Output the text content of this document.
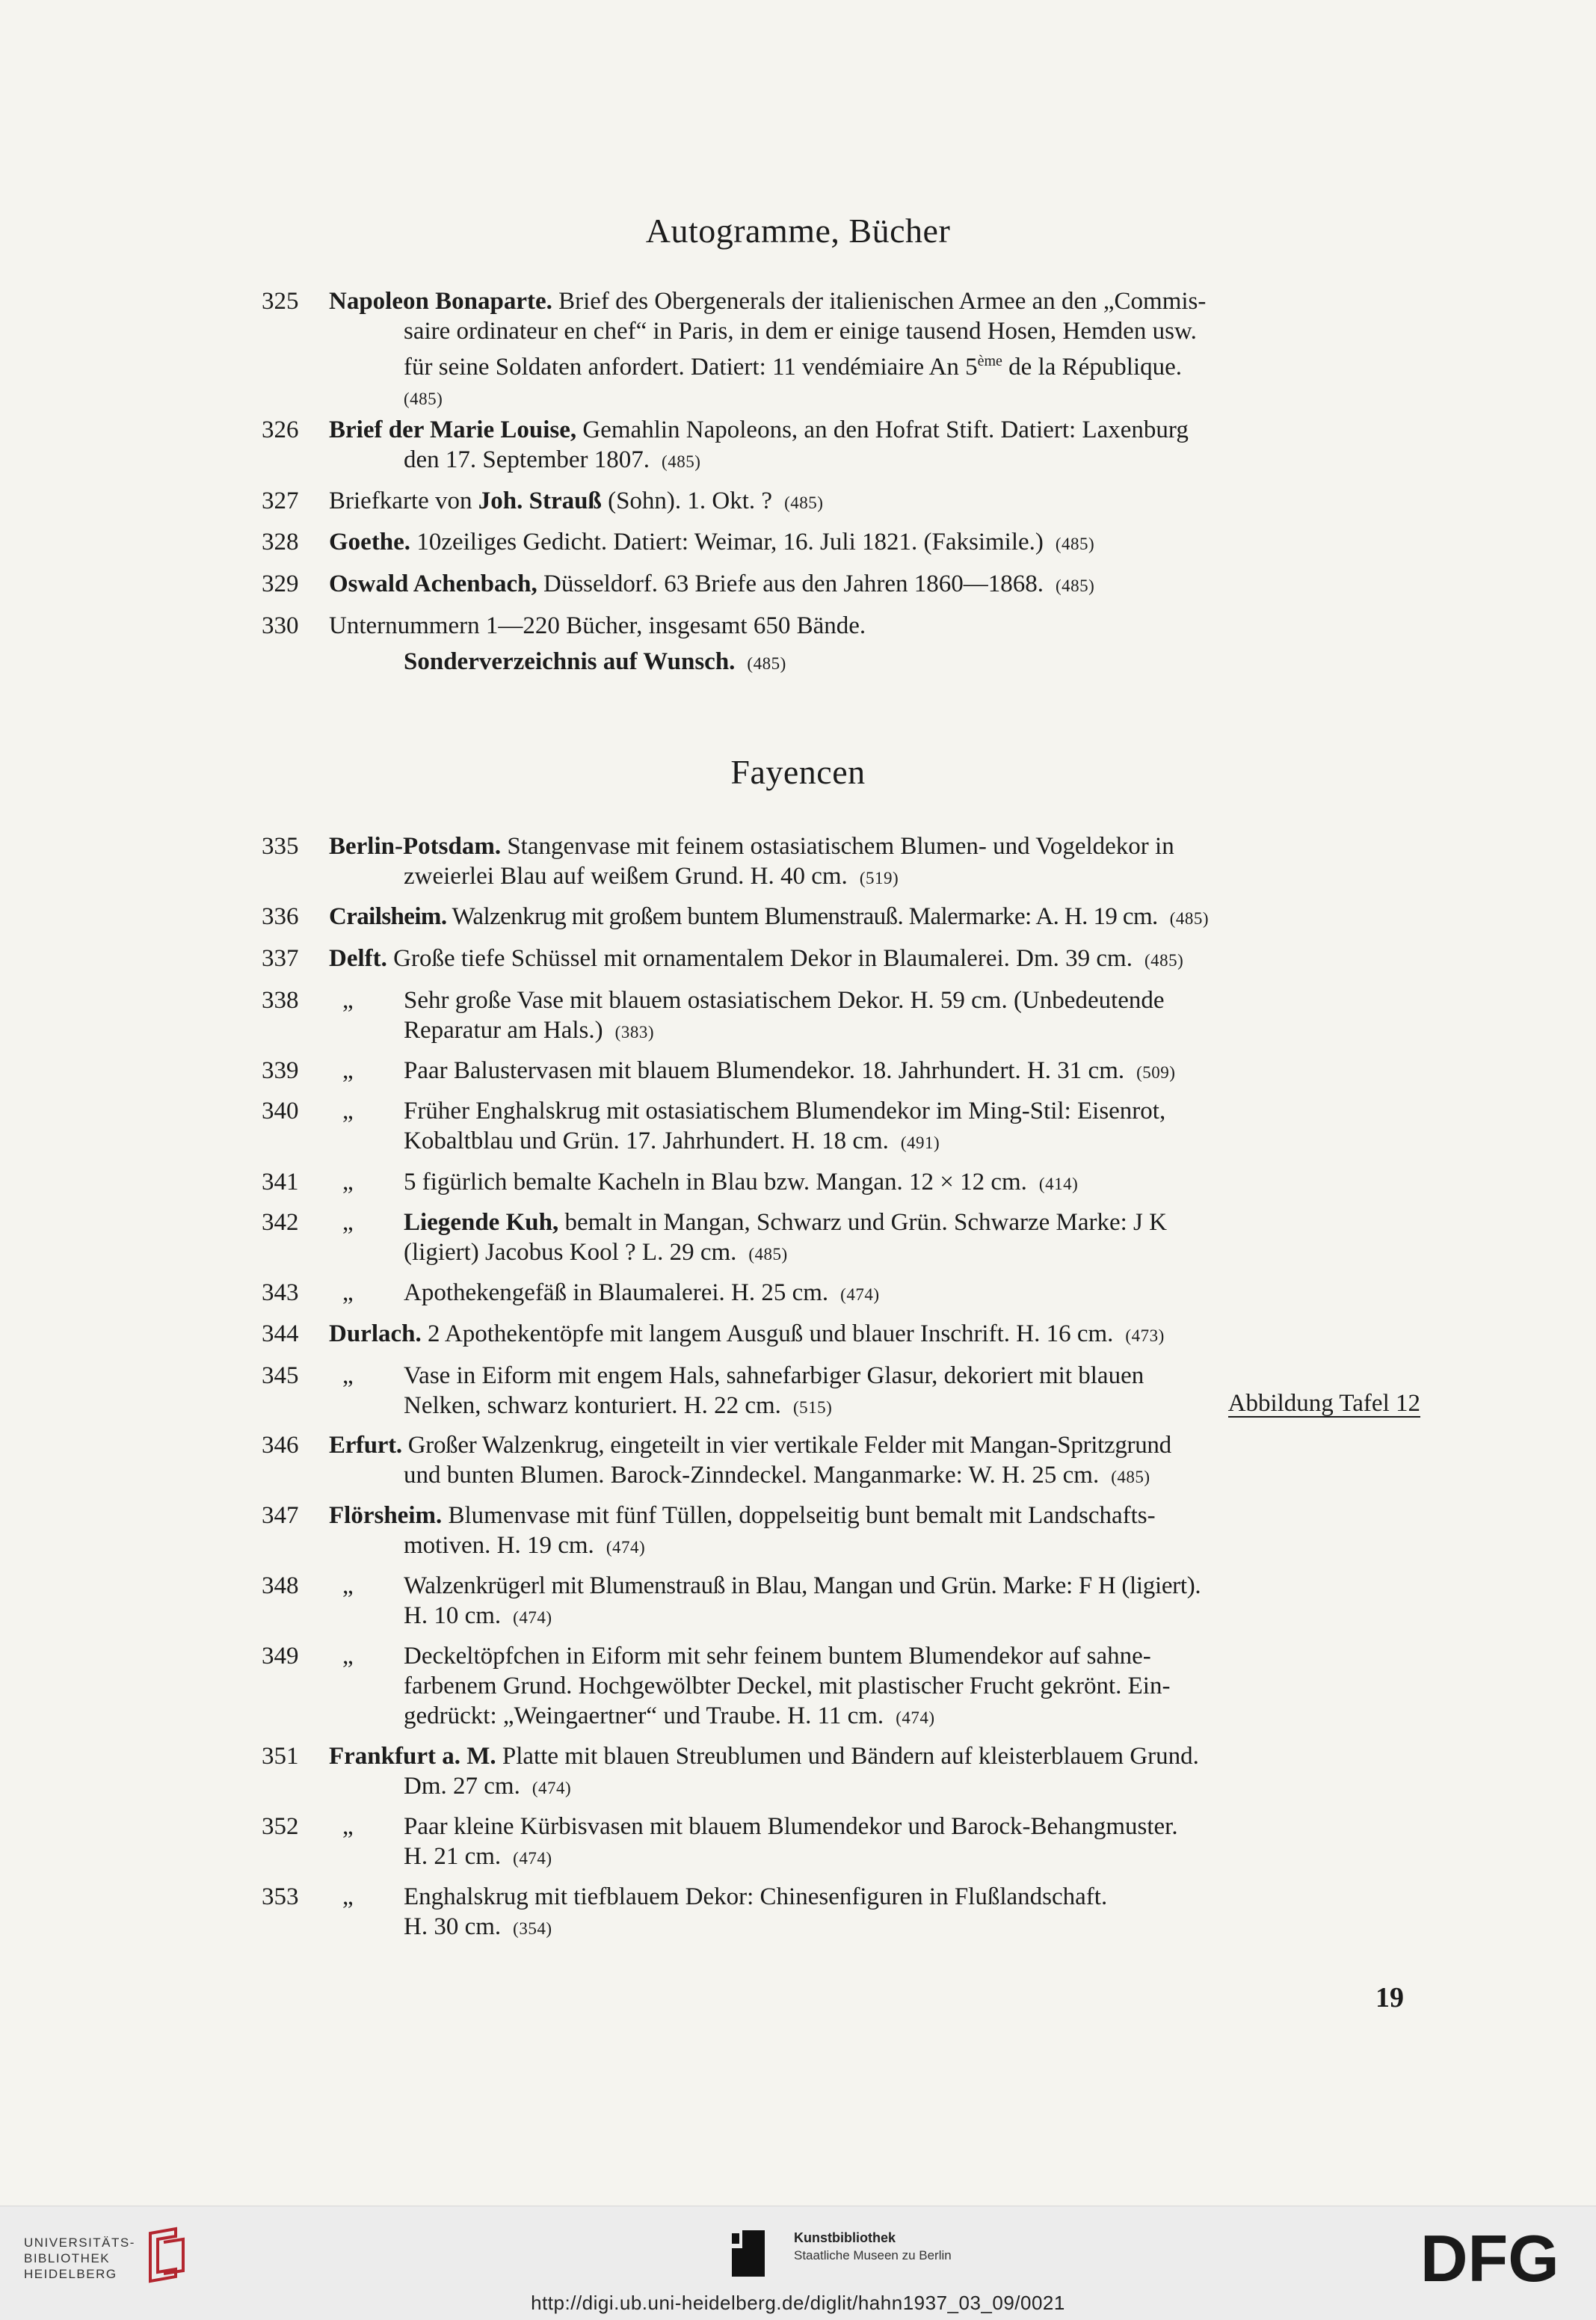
Autogramme, Bücher
325	Napoleon Bonaparte. Brief des Obergenerals der italienischen Armee an den „Commis-
saire ordinateur en chef“ in Paris, in dem er einige tausend Hosen, Hemden usw.
für seine Soldaten anfordert. Datiert: 11 vendémiaire An 5ème de la République.
(485)
326	Brief der Marie Louise, Gemahlin Napoleons, an den Hofrat Stift. Datiert: Laxenburg
den 17. September 1807. (485)
327	Briefkarte von Joh. Strauß (Sohn). 1. Okt. ? (485)
328	Goethe. 10zeiliges Gedicht. Datiert: Weimar, 16. Juli 1821. (Faksimile.) (485)
329	Oswald Achenbach, Düsseldorf. 63 Briefe aus den Jahren 1860—1868. (485)
330	Unternummern 1—220 Bücher, insgesamt 650 Bände.
Sonderverzeichnis auf Wunsch. (485)
Fayencen
335	Berlin-Potsdam. Stangenvase mit feinem ostasiatischem Blumen- und Vogeldekor in
zweierlei Blau auf weißem Grund. H. 40 cm. (519)
336	Crailsheim. Walzenkrug mit großem buntem Blumenstrauß. Malermarke: A. H. 19 cm. (485)
337	Delft. Große tiefe Schüssel mit ornamentalem Dekor in Blaumalerei. Dm. 39 cm. (485)
338	„ Sehr große Vase mit blauem ostasiatischem Dekor. H. 59 cm. (Unbedeutende
Reparatur am Hals.) (383)
339	„ Paar Balustervasen mit blauem Blumendekor. 18. Jahrhundert. H. 31 cm. (509)
340	„ Früher Enghalskrug mit ostasiatischem Blumendekor im Ming-Stil: Eisenrot,
Kobaltblau und Grün. 17. Jahrhundert. H. 18 cm. (491)
341	„ 5 figürlich bemalte Kacheln in Blau bzw. Mangan. 12 × 12 cm. (414)
342	„ Liegende Kuh, bemalt in Mangan, Schwarz und Grün. Schwarze Marke: J K
(ligiert) Jacobus Kool ? L. 29 cm. (485)
343	„ Apothekengefäß in Blaumalerei. H. 25 cm. (474)
344	Durlach. 2 Apothekentöpfe mit langem Ausguß und blauer Inschrift. H. 16 cm. (473)
345	„ Vase in Eiform mit engem Hals, sahnefarbiger Glasur, dekoriert mit blauen
Nelken, schwarz konturiert. H. 22 cm. (515)	Abbildung Tafel 12
346	Erfurt. Großer Walzenkrug, eingeteilt in vier vertikale Felder mit Mangan-Spritzgrund
und bunten Blumen. Barock-Zinndeckel. Manganmarke: W. H. 25 cm. (485)
347	Flörsheim. Blumenvase mit fünf Tüllen, doppelseitig bunt bemalt mit Landschafts-
motiven. H. 19 cm. (474)
348	„ Walzenkrügerl mit Blumenstrauß in Blau, Mangan und Grün. Marke: F H (ligiert).
H. 10 cm. (474)
349	„ Deckeltöpfchen in Eiform mit sehr feinem buntem Blumendekor auf sahne-
farbenem Grund. Hochgewölbter Deckel, mit plastischer Frucht gekrönt. Ein-
gedrückt: „Weingaertner“ und Traube. H. 11 cm. (474)
351	Frankfurt a. M. Platte mit blauen Streublumen und Bändern auf kleisterblauem Grund.
Dm. 27 cm. (474)
352	„ Paar kleine Kürbisvasen mit blauem Blumendekor und Barock-Behangmuster.
H. 21 cm. (474)
353	„ Enghalskrug mit tiefblauem Dekor: Chinesenfiguren in Flußlandschaft.
H. 30 cm. (354)
19
UNIVERSITÄTS-
BIBLIOTHEK
HEIDELBERG
Kunstbibliothek
Staatliche Museen zu Berlin	DFG
http://digi.ub.uni-heidelberg.de/diglit/hahn1937_03_09/0021
